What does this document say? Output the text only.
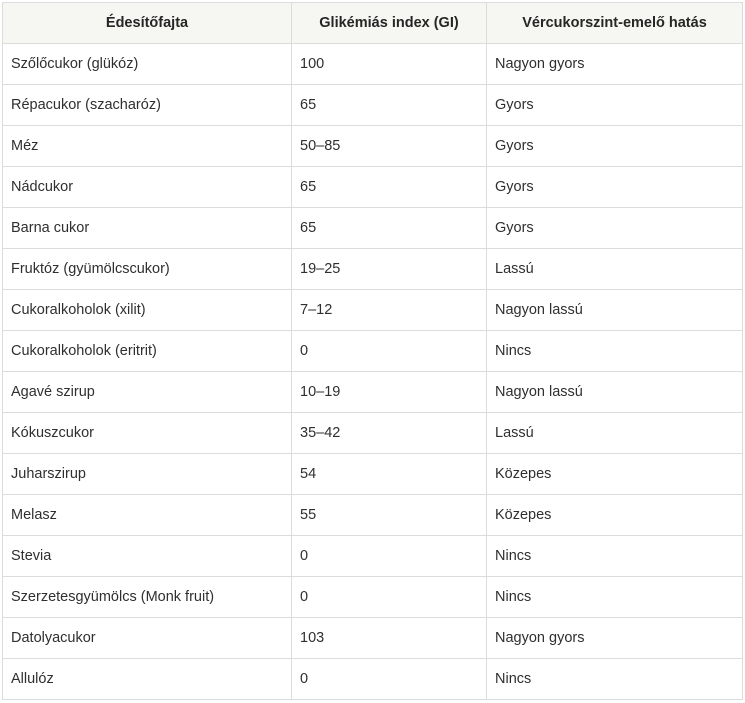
Édesítőfajta	Glikémiás index (GI)	Vércukorszint-emelő hatás
Szőlőcukor (glükóz)	100	Nagyon gyors
Répacukor (szacharóz)	65	Gyors
Méz	50–85	Gyors
Nádcukor	65	Gyors
Barna cukor	65	Gyors
Fruktóz (gyümölcscukor)	19–25	Lassú
Cukoralkoholok (xilit)	7–12	Nagyon lassú
Cukoralkoholok (eritrit)	0	Nincs
Agavé szirup	10–19	Nagyon lassú
Kókuszcukor	35–42	Lassú
Juharszirup	54	Közepes
Melasz	55	Közepes
Stevia	0	Nincs
Szerzetesgyümölcs (Monk fruit)	0	Nincs
Datolyacukor	103	Nagyon gyors
Allulóz	0	Nincs
